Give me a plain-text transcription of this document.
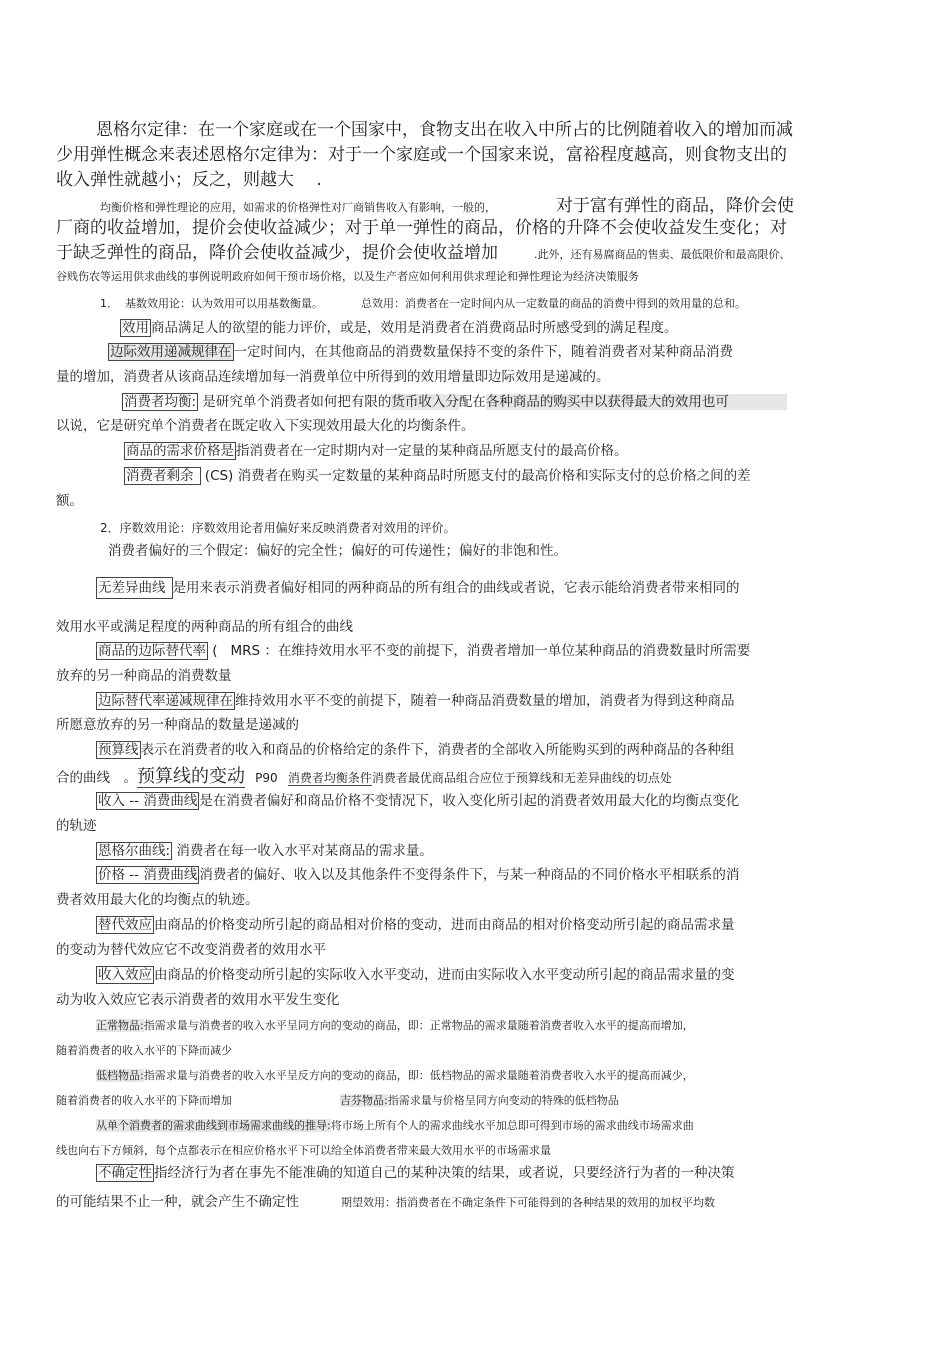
恩格尔定律：在一个家庭或在一个国家中，食物支出在收入中所占的比例随着收入的增加而减
少用弹性概念来表述恩格尔定律为：对于一个家庭或一个国家来说，富裕程度越高，则食物支出的
收入弹性就越小；反之，则越大　 .
均衡价格和弹性理论的应用，如需求的价格弹性对厂商销售收入有影响，一般的，	对于富有弹性的商品，降价会使
厂商的收益增加，提价会使收益减少；对于单一弹性的商品，价格的升降不会使收益发生变化；对
于缺乏弹性的商品，降价会使收益减少，提价会使收益增加	.此外，还有易腐商品的售卖、最低限价和最高限价、
谷贱伤农等运用供求曲线的事例说明政府如何干预市场价格，以及生产者应如何利用供求理论和弹性理论为经济决策服务
1． 基数效用论：认为效用可以用基数衡量。	总效用：消费者在一定时间内从一定数量的商品的消费中得到的效用量的总和。
效用 商品满足人的欲望的能力评价，或是，效用是消费者在消费商品时所感受到的满足程度。
边际效用递减规律在 一定时间内，在其他商品的消费数量保持不变的条件下，随着消费者对某种商品消费
量的增加，消费者从该商品连续增加每一消费单位中所得到的效用增量即边际效用是递减的。
消费者均衡: 是研究单个消费者如何把有限的货币收入分配在各种商品的购买中以获得最大的效用也可
以说，它是研究单个消费者在既定收入下实现效用最大化的均衡条件。
商品的需求价格是 指消费者在一定时期内对一定量的某种商品所愿支付的最高价格。
消费者剩余 (CS) 消费者在购买一定数量的某种商品时所愿支付的最高价格和实际支付的总价格之间的差
额。
2．序数效用论：序数效用论者用偏好来反映消费者对效用的评价。
消费者偏好的三个假定：偏好的完全性；偏好的可传递性；偏好的非饱和性。
无差异曲线 是用来表示消费者偏好相同的两种商品的所有组合的曲线或者说，它表示能给消费者带来相同的
效用水平或满足程度的两种商品的所有组合的曲线
商品的边际替代率 ( MRS ：在维持效用水平不变的前提下，消费者增加一单位某种商品的消费数量时所需要
放弃的另一种商品的消费数量
边际替代率递减规律在 维持效用水平不变的前提下，随着一种商品消费数量的增加，消费者为得到这种商品
所愿意放弃的另一种商品的数量是递减的
预算线 表示在消费者的收入和商品的价格给定的条件下，消费者的全部收入所能购买到的两种商品的各种组
合的曲线　。预算线的变动 P90 消费者均衡条件消费者最优商品组合应位于预算线和无差异曲线的切点处
收入 -- 消费曲线 是在消费者偏好和商品价格不变情况下，收入变化所引起的消费者效用最大化的均衡点变化
的轨迹
恩格尔曲线: 消费者在每一收入水平对某商品的需求量。
价格 -- 消费曲线 消费者的偏好、收入以及其他条件不变得条件下，与某一种商品的不同价格水平相联系的消
费者效用最大化的均衡点的轨迹。
替代效应 由商品的价格变动所引起的商品相对价格的变动，进而由商品的相对价格变动所引起的商品需求量
的变动为替代效应它不改变消费者的效用水平
收入效应 由商品的价格变动所引起的实际收入水平变动，进而由实际收入水平变动所引起的商品需求量的变
动为收入效应它表示消费者的效用水平发生变化
正常物品:指需求量与消费者的收入水平呈同方向的变动的商品，即：正常物品的需求量随着消费者收入水平的提高而增加，
随着消费者的收入水平的下降而减少
低档物品:指需求量与消费者的收入水平呈反方向的变动的商品，即：低档物品的需求量随着消费者收入水平的提高而减少，
随着消费者的收入水平的下降而增加	吉芬物品:指需求量与价格呈同方向变动的特殊的低档物品
从单个消费者的需求曲线到市场需求曲线的推导:将市场上所有个人的需求曲线水平加总即可得到市场的需求曲线市场需求曲
线也向右下方倾斜，每个点都表示在相应价格水平下可以给全体消费者带来最大效用水平的市场需求量
不确定性 指经济行为者在事先不能准确的知道自己的某种决策的结果，或者说，只要经济行为者的一种决策
的可能结果不止一种，就会产生不确定性	期望效用：指消费者在不确定条件下可能得到的各种结果的效用的加权平均数
